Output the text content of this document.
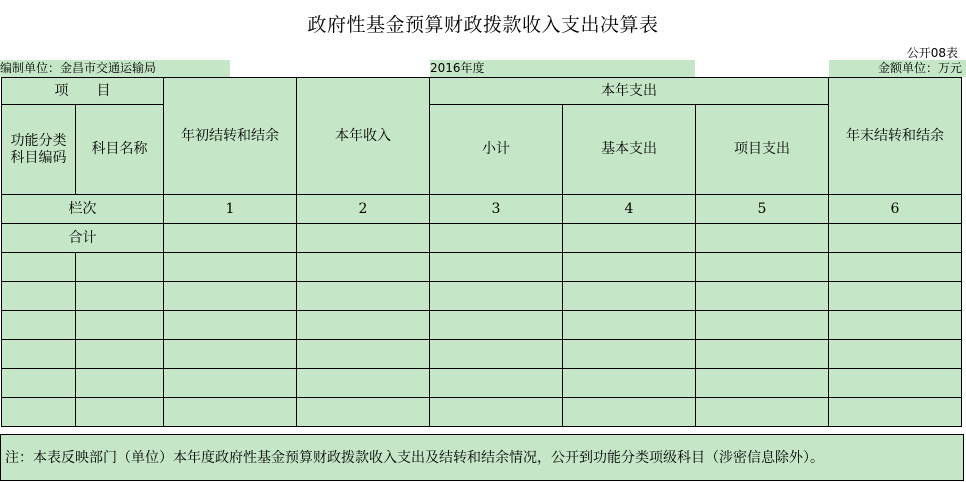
政府性基金预算财政拨款收入支出决算表
公开08表
编制单位：金昌市交通运输局	2016年度	金额单位：万元
项　　目		年初结转和结余	本年收入	本年支出			年末结转和结余
功能分类科目编码	科目名称			小计	基本支出	项目支出	
栏次		1	2	3	4	5	6
合计							

注：本表反映部门（单位）本年度政府性基金预算财政拨款收入支出及结转和结余情况，公开到功能分类项级科目（涉密信息除外）。
